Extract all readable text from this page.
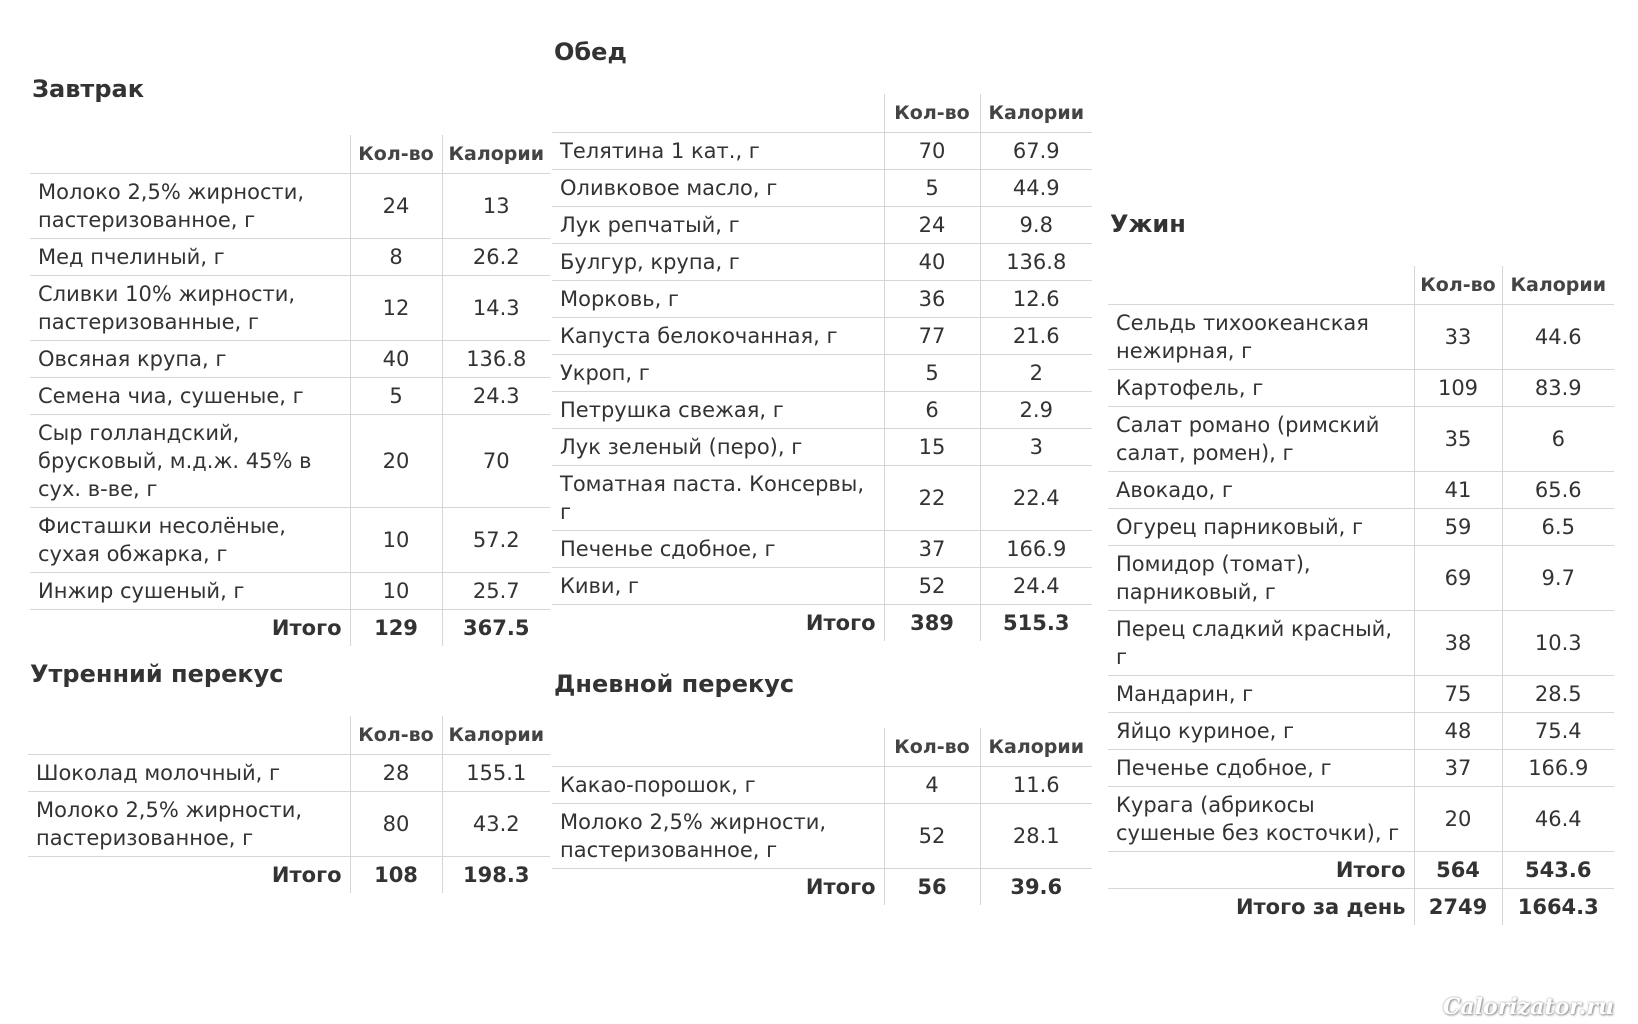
Завтрак
	Кол-во	Калории
Молоко 2,5% жирности, пастеризованное, г	24	13
Мед пчелиный, г	8	26.2
Сливки 10% жирности, пастеризованные, г	12	14.3
Овсяная крупа, г	40	136.8
Семена чиа, сушеные, г	5	24.3
Сыр голландский, брусковый, м.д.ж. 45% в сух. в-ве, г	20	70
Фисташки несолёные, сухая обжарка, г	10	57.2
Инжир сушеный, г	10	25.7
Итого	129	367.5
Утренний перекус
	Кол-во	Калории
Шоколад молочный, г	28	155.1
Молоко 2,5% жирности, пастеризованное, г	80	43.2
Итого	108	198.3
Обед
	Кол-во	Калории
Телятина 1 кат., г	70	67.9
Оливковое масло, г	5	44.9
Лук репчатый, г	24	9.8
Булгур, крупа, г	40	136.8
Морковь, г	36	12.6
Капуста белокочанная, г	77	21.6
Укроп, г	5	2
Петрушка свежая, г	6	2.9
Лук зеленый (перо), г	15	3
Томатная паста. Консервы, г	22	22.4
Печенье сдобное, г	37	166.9
Киви, г	52	24.4
Итого	389	515.3
Дневной перекус
	Кол-во	Калории
Какао-порошок, г	4	11.6
Молоко 2,5% жирности, пастеризованное, г	52	28.1
Итого	56	39.6
Ужин
	Кол-во	Калории
Сельдь тихоокеанская нежирная, г	33	44.6
Картофель, г	109	83.9
Салат романо (римский салат, ромен), г	35	6
Авокадо, г	41	65.6
Огурец парниковый, г	59	6.5
Помидор (томат), парниковый, г	69	9.7
Перец сладкий красный, г	38	10.3
Мандарин, г	75	28.5
Яйцо куриное, г	48	75.4
Печенье сдобное, г	37	166.9
Курага (абрикосы сушеные без косточки), г	20	46.4
Итого	564	543.6
Итого за день	2749	1664.3
Calorizator.ru
